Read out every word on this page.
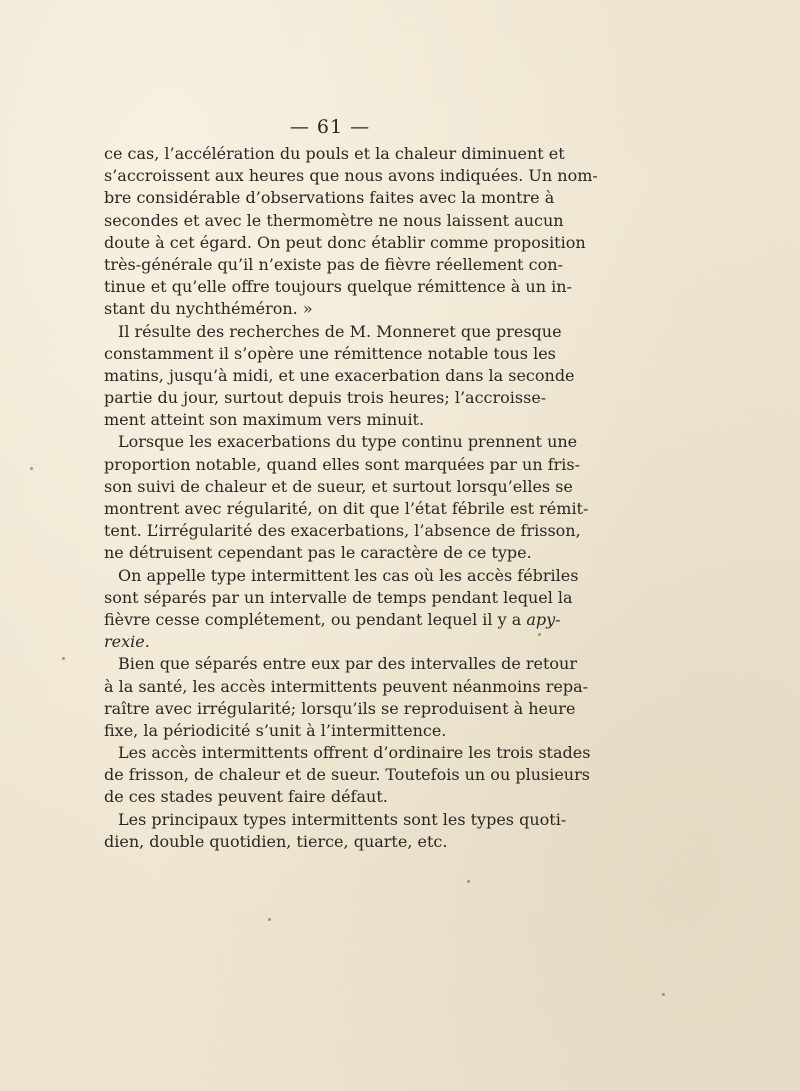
— 61 —
ce cas, l’accélération du pouls et la chaleur diminuent et
s’accroissent aux heures que nous avons indiquées. Un nom-
bre considérable d’observations faites avec la montre à
secondes et avec le thermomètre ne nous laissent aucun
doute à cet égard. On peut donc établir comme proposition
très-générale qu’il n’existe pas de fièvre réellement con-
tinue et qu’elle offre toujours quelque rémittence à un in-
stant du nychthéméron. »
Il résulte des recherches de M. Monneret que presque
constamment il s’opère une rémittence notable tous les
matins, jusqu’à midi, et une exacerbation dans la seconde
partie du jour, surtout depuis trois heures; l’accroisse-
ment atteint son maximum vers minuit.
Lorsque les exacerbations du type continu prennent une
proportion notable, quand elles sont marquées par un fris-
son suivi de chaleur et de sueur, et surtout lorsqu’elles se
montrent avec régularité, on dit que l’état fébrile est rémit-
tent. L’irrégularité des exacerbations, l’absence de frisson,
ne détruisent cependant pas le caractère de ce type.
On appelle type intermittent les cas où les accès fébriles
sont séparés par un intervalle de temps pendant lequel la
fièvre cesse complétement, ou pendant lequel il y a apy-
rexie.
Bien que séparés entre eux par des intervalles de retour
à la santé, les accès intermittents peuvent néanmoins repa-
raître avec irrégularité; lorsqu’ils se reproduisent à heure
fixe, la périodicité s’unit à l’intermittence.
Les accès intermittents offrent d’ordinaire les trois stades
de frisson, de chaleur et de sueur. Toutefois un ou plusieurs
de ces stades peuvent faire défaut.
Les principaux types intermittents sont les types quoti-
dien, double quotidien, tierce, quarte, etc.
